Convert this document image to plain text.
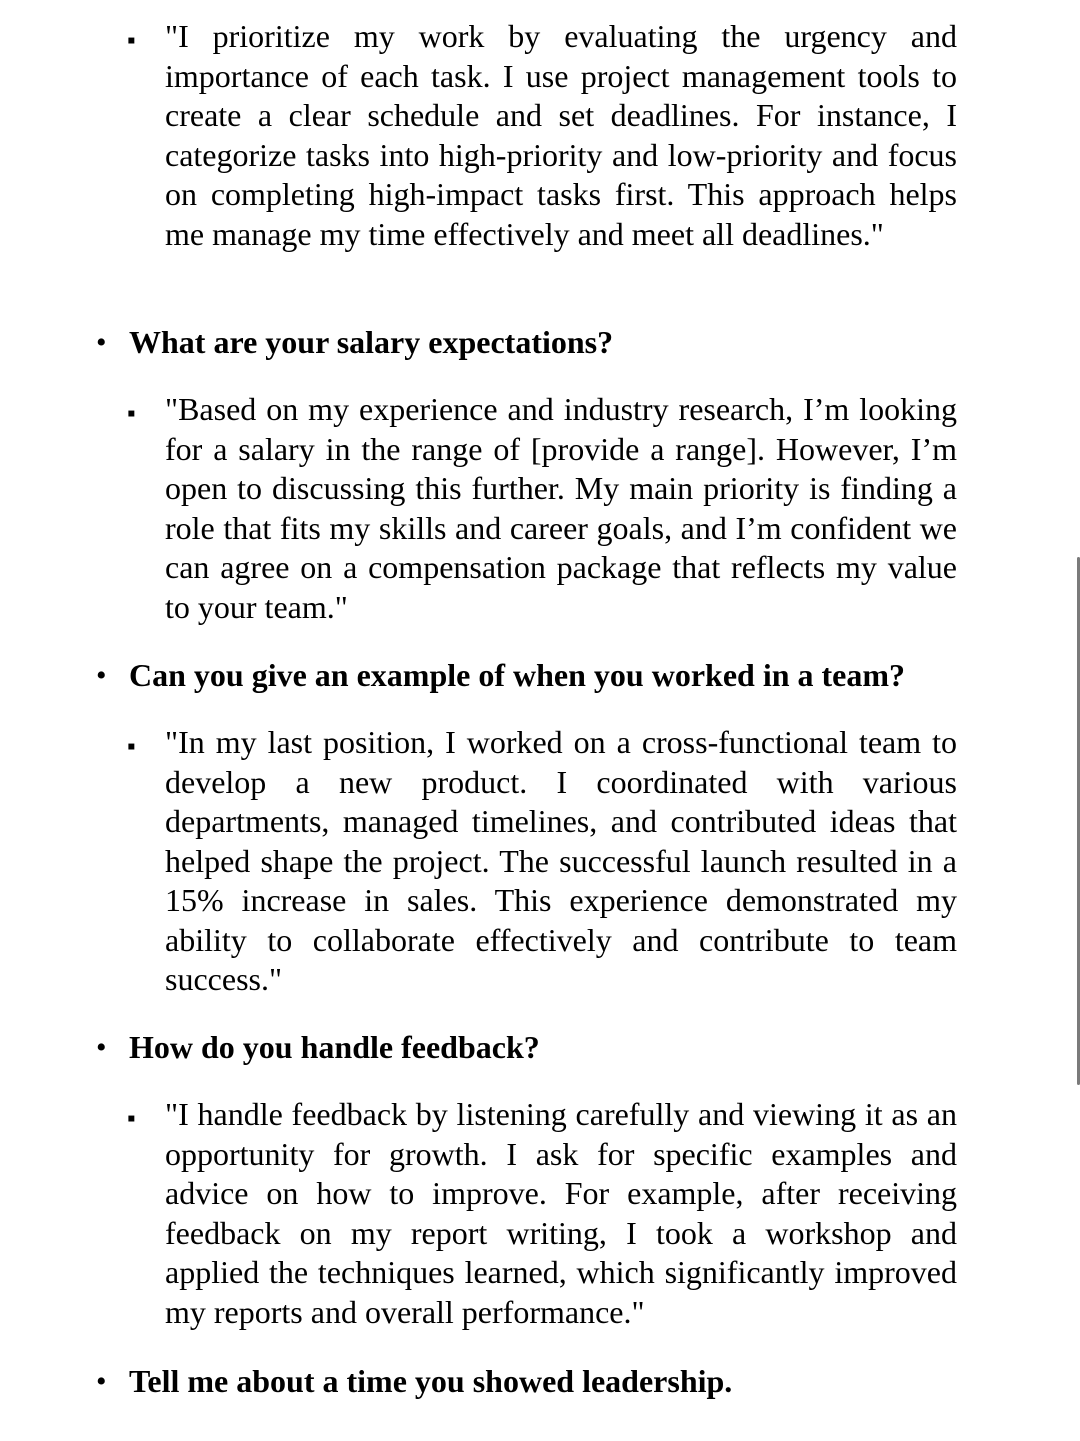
▪ "I prioritize my work by evaluating the urgency and importance of each task. I use project management tools to create a clear schedule and set deadlines. For instance, I categorize tasks into high-priority and low-priority and focus on completing high-impact tasks first. This approach helps me manage my time effectively and meet all deadlines."

• What are your salary expectations?
▪ "Based on my experience and industry research, I’m looking for a salary in the range of [provide a range]. However, I’m open to discussing this further. My main priority is finding a role that fits my skills and career goals, and I’m confident we can agree on a compensation package that reflects my value to your team."

• Can you give an example of when you worked in a team?
▪ "In my last position, I worked on a cross-functional team to develop a new product. I coordinated with various departments, managed timelines, and contributed ideas that helped shape the project. The successful launch resulted in a 15% increase in sales. This experience demonstrated my ability to collaborate effectively and contribute to team success."

• How do you handle feedback?
▪ "I handle feedback by listening carefully and viewing it as an opportunity for growth. I ask for specific examples and advice on how to improve. For example, after receiving feedback on my report writing, I took a workshop and applied the techniques learned, which significantly improved my reports and overall performance."

• Tell me about a time you showed leadership.
